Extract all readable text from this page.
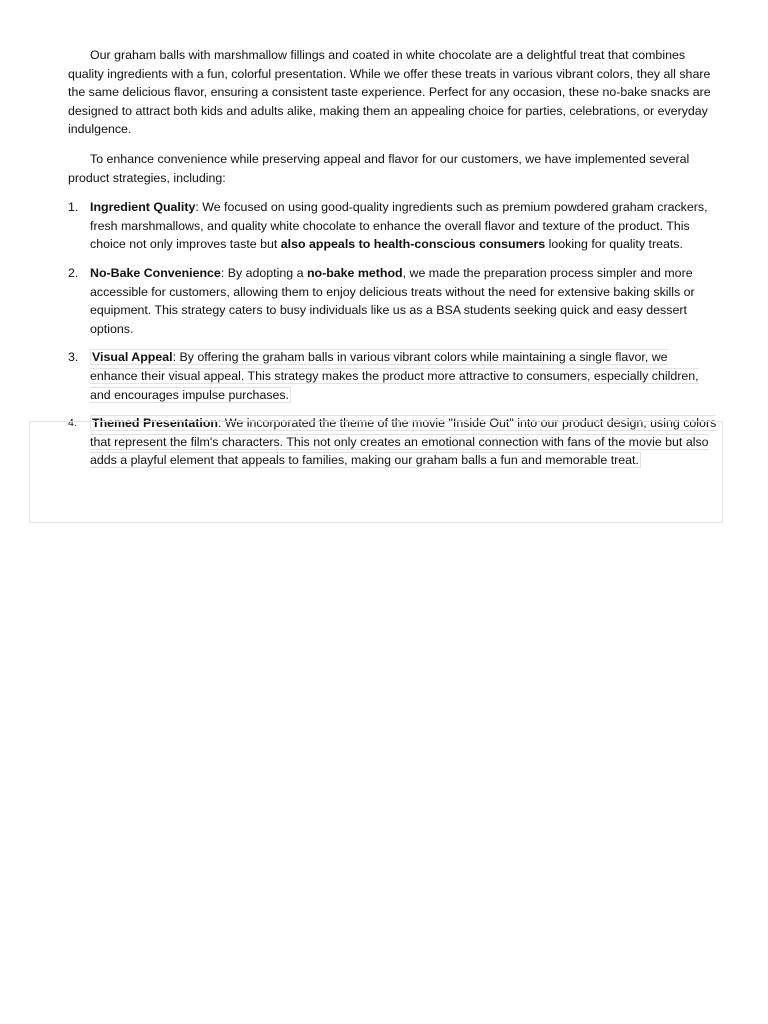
Our graham balls with marshmallow fillings and coated in white chocolate are a delightful treat that combines quality ingredients with a fun, colorful presentation. While we offer these treats in various vibrant colors, they all share the same delicious flavor, ensuring a consistent taste experience. Perfect for any occasion, these no-bake snacks are designed to attract both kids and adults alike, making them an appealing choice for parties, celebrations, or everyday indulgence.

To enhance convenience while preserving appeal and flavor for our customers, we have implemented several product strategies, including:

1. Ingredient Quality: We focused on using good-quality ingredients such as premium powdered graham crackers, fresh marshmallows, and quality white chocolate to enhance the overall flavor and texture of the product. This choice not only improves taste but also appeals to health-conscious consumers looking for quality treats.
2. No-Bake Convenience: By adopting a no-bake method, we made the preparation process simpler and more accessible for customers, allowing them to enjoy delicious treats without the need for extensive baking skills or equipment. This strategy caters to busy individuals like us as a BSA students seeking quick and easy dessert options.
3. Visual Appeal: By offering the graham balls in various vibrant colors while maintaining a single flavor, we enhance their visual appeal. This strategy makes the product more attractive to consumers, especially children, and encourages impulse purchases.
4. Themed Presentation: We incorporated the theme of the movie "Inside Out" into our product design, using colors that represent the film's characters. This not only creates an emotional connection with fans of the movie but also adds a playful element that appeals to families, making our graham balls a fun and memorable treat.
